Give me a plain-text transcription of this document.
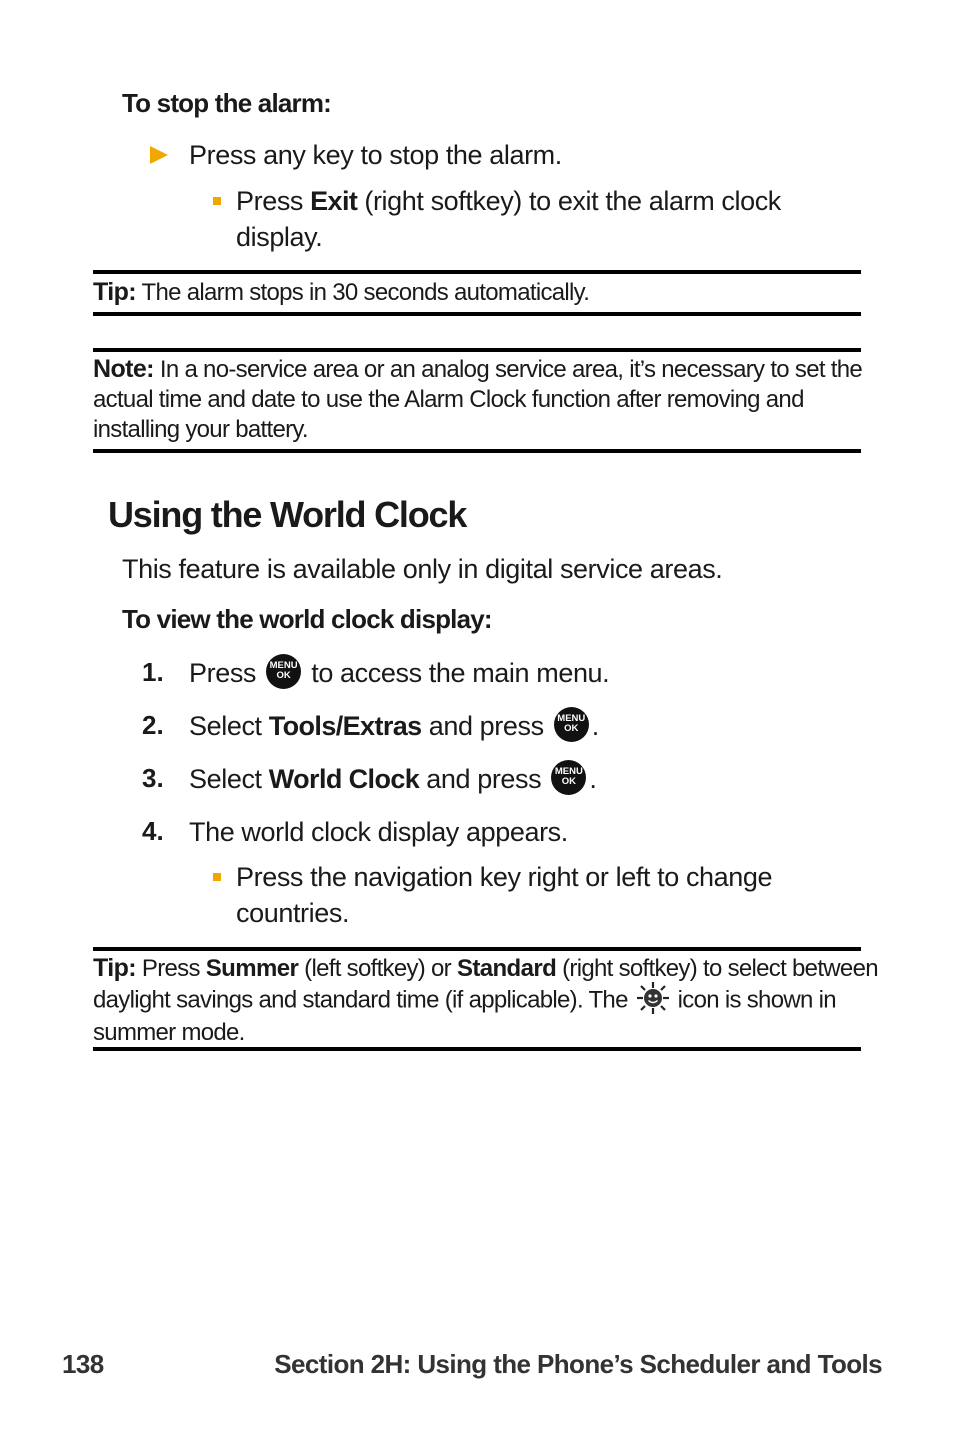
To stop the alarm:
Press any key to stop the alarm.
Press Exit (right softkey) to exit the alarm clock
display.
Tip: The alarm stops in 30 seconds automatically.
Note: In a no-service area or an analog service area, it’s necessary to set the
actual time and date to use the Alarm Clock function after removing and
installing your battery.
Using the World Clock
This feature is available only in digital service areas.
To view the world clock display:
1. Press MENU
OK to access the main menu.
2. Select Tools/Extras and press MENU
OK .
3. Select World Clock and press MENU
OK .
4. The world clock display appears.
Press the navigation key right or left to change
countries.
Tip: Press Summer (left softkey) or Standard (right softkey) to select between
daylight savings and standard time (if applicable). The  icon is shown in
summer mode.
138	Section 2H: Using the Phone’s Scheduler and Tools
